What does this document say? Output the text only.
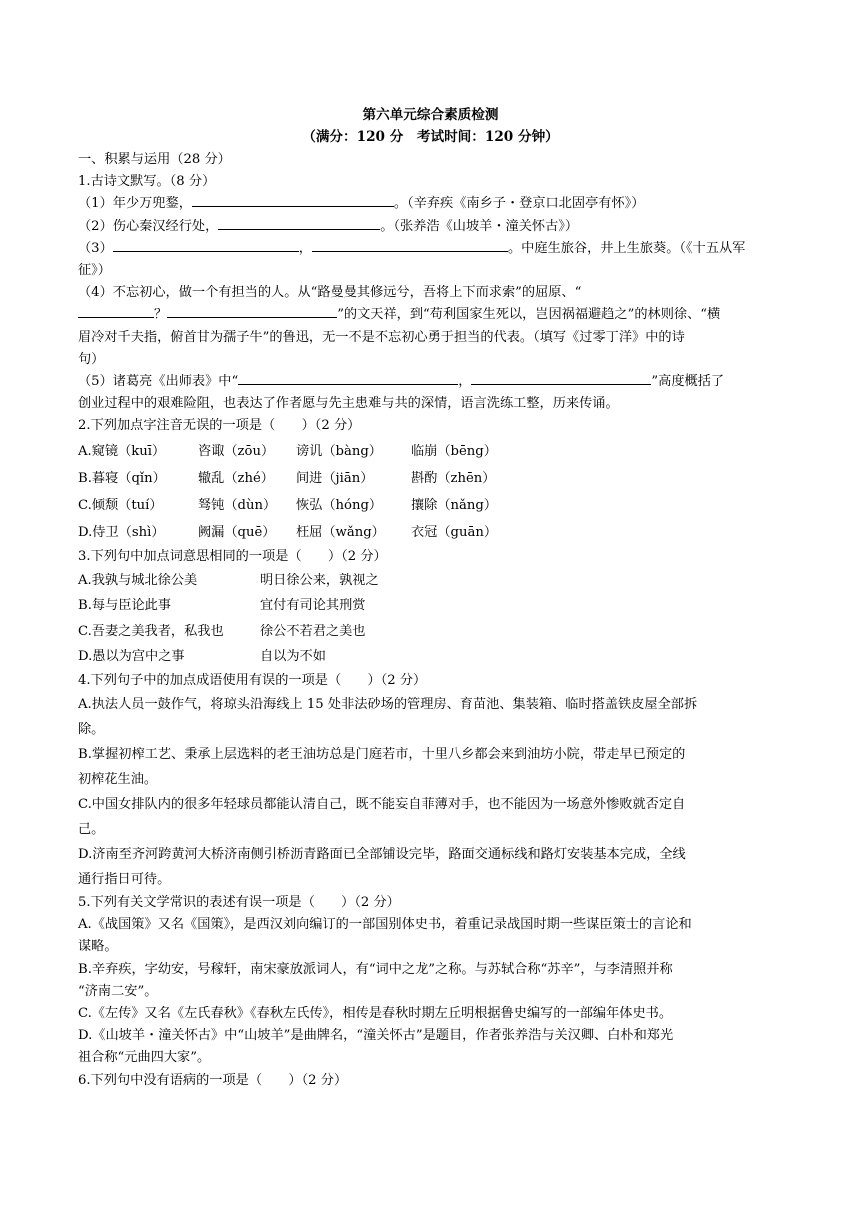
第六单元综合素质检测
（满分：120 分　考试时间：120 分钟）
一、积累与运用（28 分）
1.古诗文默写。（8 分）
（1）年少万兜鍪，	。（辛弃疾《南乡子・登京口北固亭有怀》）
（2）伤心秦汉经行处，	。（张养浩《山坡羊・潼关怀古》）
（3）	，	。中庭生旅谷，井上生旅葵。（《十五从军
征》）
（4）不忘初心，做一个有担当的人。从“路曼曼其修远兮，吾将上下而求索”的屈原、“
？	”的文天祥，到“苟利国家生死以，岂因祸福避趋之”的林则徐、“横
眉冷对千夫指，俯首甘为孺子牛”的鲁迅，无一不是不忘初心勇于担当的代表。（填写《过零丁洋》中的诗
句）
（5）诸葛亮《出师表》中“	，	”高度概括了
创业过程中的艰难险阻，也表达了作者愿与先主患难与共的深情，语言洗练工整，历来传诵。
2.下列加点字注音无误的一项是（　　）（2 分）
A.窥镜（kuī）	咨诹（zōu）	谤讥（bàng）	临崩（bēng）
B.暮寝（qǐn）	辙乱（zhé）	间进（jiān）	斟酌（zhēn）
C.倾颓（tuí）	驽钝（dùn）	恢弘（hóng）	攘除（nǎng）
D.侍卫（shì）	阙漏（quē）	枉屈（wǎng）	衣冠（guān）
3.下列句中加点词意思相同的一项是（　　）（2 分）
A.我孰与城北徐公美	明日徐公来，孰视之
B.每与臣论此事	宜付有司论其刑赏
C.吾妻之美我者，私我也	徐公不若君之美也
D.愚以为宫中之事	自以为不如
4.下列句子中的加点成语使用有误的一项是（　　）（2 分）
A.执法人员一鼓作气，将琼头沿海线上 15 处非法砂场的管理房、育苗池、集装箱、临时搭盖铁皮屋全部拆
除。
B.掌握初榨工艺、秉承上层选料的老王油坊总是门庭若市，十里八乡都会来到油坊小院，带走早已预定的
初榨花生油。
C.中国女排队内的很多年轻球员都能认清自己，既不能妄自菲薄对手，也不能因为一场意外惨败就否定自
己。
D.济南至齐河跨黄河大桥济南侧引桥沥青路面已全部铺设完毕，路面交通标线和路灯安装基本完成，全线
通行指日可待。
5.下列有关文学常识的表述有误一项是（　　）（2 分）
A.《战国策》又名《国策》，是西汉刘向编订的一部国别体史书，着重记录战国时期一些谋臣策士的言论和
谋略。
B.辛弃疾，字幼安，号稼轩，南宋豪放派词人，有“词中之龙”之称。与苏轼合称“苏辛”，与李清照并称
“济南二安”。
C.《左传》又名《左氏春秋》《春秋左氏传》，相传是春秋时期左丘明根据鲁史编写的一部编年体史书。
D.《山坡羊・潼关怀古》中“山坡羊”是曲牌名，“潼关怀古”是题目，作者张养浩与关汉卿、白朴和郑光
祖合称“元曲四大家”。
6.下列句中没有语病的一项是（　　）（2 分）
